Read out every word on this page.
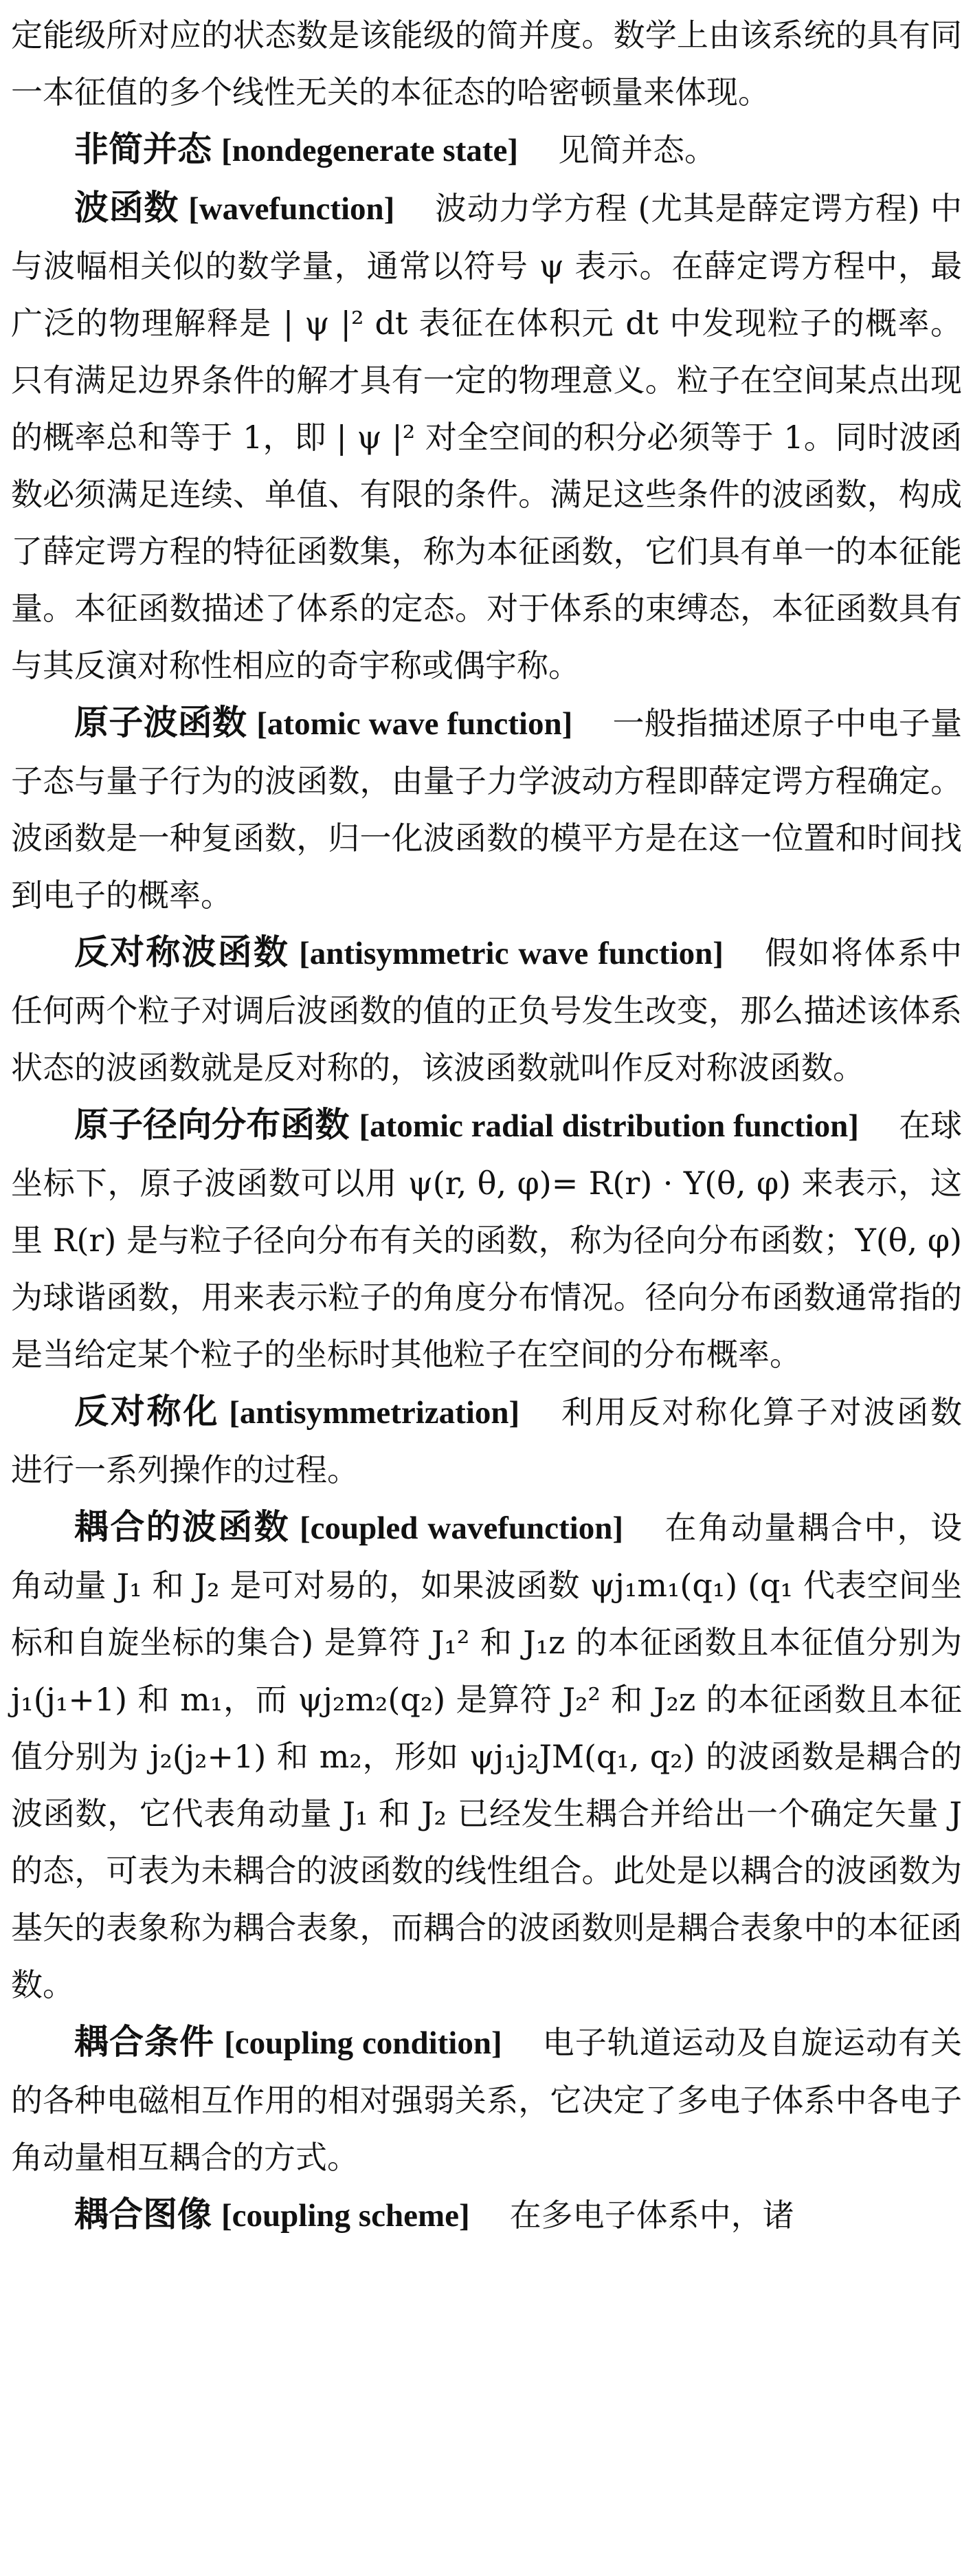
定能级所对应的状态数是该能级的简并度。数学上由该系统的具有同一本征值的多个线性无关的本征态的哈密顿量来体现。

非简并态 [nondegenerate state] 见简并态。

波函数 [wavefunction] 波动力学方程 (尤其是薛定谔方程) 中与波幅相关似的数学量，通常以符号 ψ 表示。在薛定谔方程中，最广泛的物理解释是 | ψ |² dt 表征在体积元 dt 中发现粒子的概率。只有满足边界条件的解才具有一定的物理意义。粒子在空间某点出现的概率总和等于 1，即 | ψ |² 对全空间的积分必须等于 1。同时波函数必须满足连续、单值、有限的条件。满足这些条件的波函数，构成了薛定谔方程的特征函数集，称为本征函数，它们具有单一的本征能量。本征函数描述了体系的定态。对于体系的束缚态，本征函数具有与其反演对称性相应的奇宇称或偶宇称。

原子波函数 [atomic wave function] 一般指描述原子中电子量子态与量子行为的波函数，由量子力学波动方程即薛定谔方程确定。波函数是一种复函数，归一化波函数的模平方是在这一位置和时间找到电子的概率。

反对称波函数 [antisymmetric wave function] 假如将体系中任何两个粒子对调后波函数的值的正负号发生改变，那么描述该体系状态的波函数就是反对称的，该波函数就叫作反对称波函数。

原子径向分布函数 [atomic radial distribution function] 在球坐标下，原子波函数可以用 ψ(r, θ, φ)= R(r) · Y(θ, φ) 来表示，这里 R(r) 是与粒子径向分布有关的函数，称为径向分布函数；Y(θ, φ) 为球谐函数，用来表示粒子的角度分布情况。径向分布函数通常指的是当给定某个粒子的坐标时其他粒子在空间的分布概率。

反对称化 [antisymmetrization] 利用反对称化算子对波函数进行一系列操作的过程。

耦合的波函数 [coupled wavefunction] 在角动量耦合中，设角动量 J₁ 和 J₂ 是可对易的，如果波函数 ψj₁m₁(q₁) (q₁ 代表空间坐标和自旋坐标的集合) 是算符 J₁² 和 J₁z 的本征函数且本征值分别为 j₁(j₁+1) 和 m₁，而 ψj₂m₂(q₂) 是算符 J₂² 和 J₂z 的本征函数且本征值分别为 j₂(j₂+1) 和 m₂，形如 ψj₁j₂JM(q₁, q₂) 的波函数是耦合的波函数，它代表角动量 J₁ 和 J₂ 已经发生耦合并给出一个确定矢量 J 的态，可表为未耦合的波函数的线性组合。此处是以耦合的波函数为基矢的表象称为耦合表象，而耦合的波函数则是耦合表象中的本征函数。

耦合条件 [coupling condition] 电子轨道运动及自旋运动有关的各种电磁相互作用的相对强弱关系，它决定了多电子体系中各电子角动量相互耦合的方式。

耦合图像 [coupling scheme] 在多电子体系中，诸
